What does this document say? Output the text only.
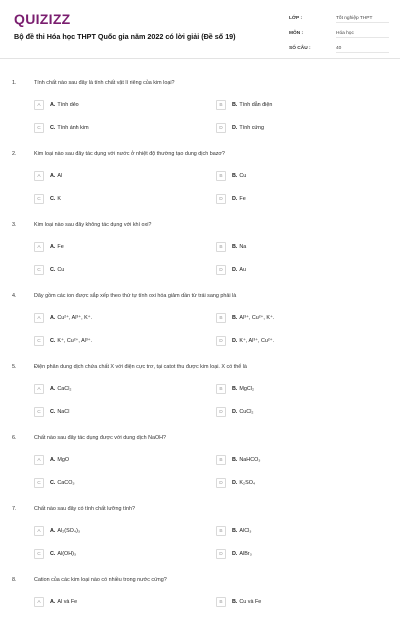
QUIZIZZ
Bộ đề thi Hóa học THPT Quốc gia năm 2022 có lời giải (Đề số 19)
LỚP :	Tốt nghiệp THPT
MÔN :	Hóa học
SỐ CÂU :	40
1.	Tính chất nào sau đây là tính chất vật lí riêng của kim loại?
A	A. Tính dẻo	B	B. Tính dẫn điện
C	C. Tính ánh kim	D	D. Tính cứng
2.	Kim loại nào sau đây tác dụng với nước ở nhiệt độ thường tạo dung dịch bazơ?
A	A. Al	B	B. Cu
C	C. K	D	D. Fe
3.	Kim loại nào sau đây không tác dụng với khí oxi?
A	A. Fe	B	B. Na
C	C. Cu	D	D. Au
4.	Dãy gồm các ion được sắp xếp theo thứ tự tính oxi hóa giảm dần từ trái sang phải là
A	A. Cu²⁺, Al³⁺, K⁺.	B	B. Al³⁺, Cu²⁺, K⁺.
C	C. K⁺, Cu²⁺, Al³⁺.	D	D. K⁺, Al³⁺, Cu²⁺.
5.	Điện phân dung dịch chứa chất X với điện cực trơ, tại catot thu được kim loại. X có thể là
A	A. CaCl₂	B	B. MgCl₂
C	C. NaCl	D	D. CuCl₂
6.	Chất nào sau đây tác dụng được với dung dịch NaOH?
A	A. MgO	B	B. NaHCO₃
C	C. CaCO₃	D	D. K₂SO₄
7.	Chất nào sau đây có tính chất lưỡng tính?
A	A. Al₂(SO₄)₃	B	B. AlCl₃
C	C. Al(OH)₃	D	D. AlBr₃
8.	Cation của các kim loại nào có nhiều trong nước cứng?
A	A. Al và Fe	B	B. Cu và Fe
